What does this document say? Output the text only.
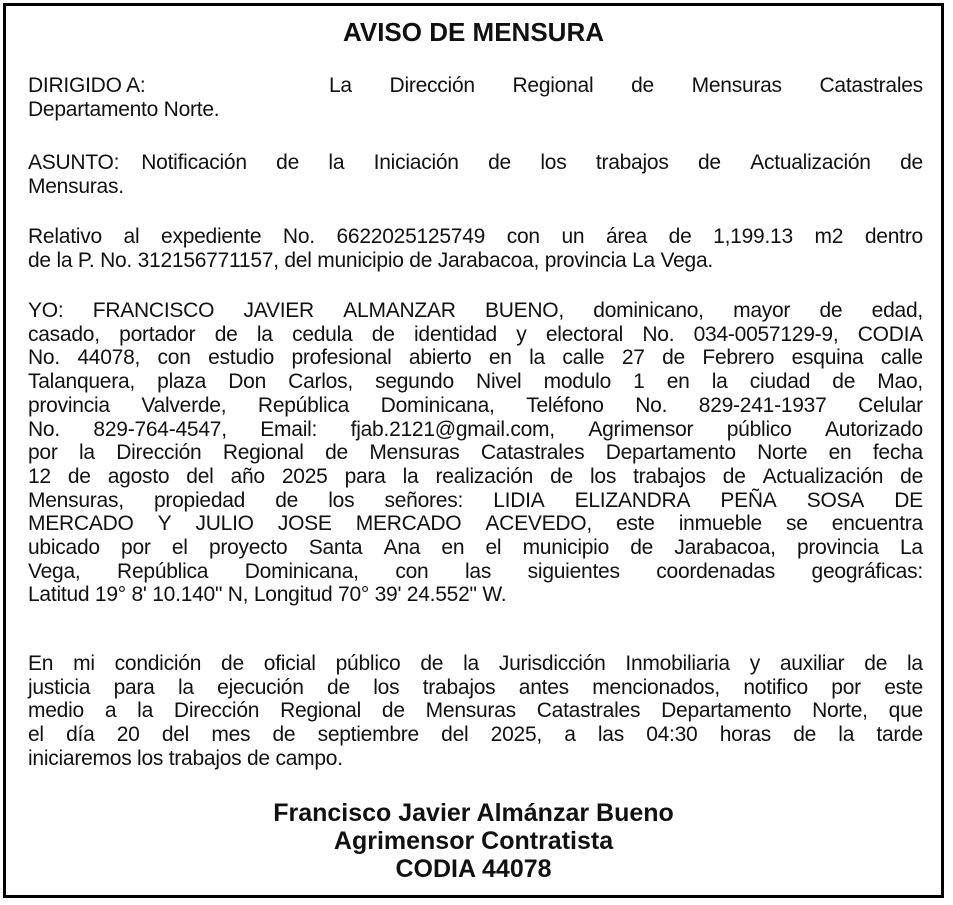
AVISO DE MENSURA
DIRIGIDO A:	La Dirección Regional de Mensuras Catastrales
Departamento Norte.
ASUNTO: Notificación de la Iniciación de los trabajos de Actualización de
Mensuras.
Relativo al expediente No. 6622025125749 con un área de 1,199.13 m2 dentro
de la P. No. 312156771157, del municipio de Jarabacoa, provincia La Vega.
YO: FRANCISCO JAVIER ALMANZAR BUENO, dominicano, mayor de edad,
casado, portador de la cedula de identidad y electoral No. 034-0057129-9, CODIA
No. 44078, con estudio profesional abierto en la calle 27 de Febrero esquina calle
Talanquera, plaza Don Carlos, segundo Nivel modulo 1 en la ciudad de Mao,
provincia Valverde, República Dominicana, Teléfono No. 829-241-1937 Celular
No. 829-764-4547, Email: fjab.2121@gmail.com, Agrimensor público Autorizado
por la Dirección Regional de Mensuras Catastrales Departamento Norte en fecha
12 de agosto del año 2025 para la realización de los trabajos de Actualización de
Mensuras, propiedad de los señores: LIDIA ELIZANDRA PEÑA SOSA DE
MERCADO Y JULIO JOSE MERCADO ACEVEDO, este inmueble se encuentra
ubicado por el proyecto Santa Ana en el municipio de Jarabacoa, provincia La
Vega, República Dominicana, con las siguientes coordenadas geográficas:
Latitud 19° 8' 10.140" N, Longitud 70° 39' 24.552" W.
En mi condición de oficial público de la Jurisdicción Inmobiliaria y auxiliar de la
justicia para la ejecución de los trabajos antes mencionados, notifico por este
medio a la Dirección Regional de Mensuras Catastrales Departamento Norte, que
el día 20 del mes de septiembre del 2025, a las 04:30 horas de la tarde
iniciaremos los trabajos de campo.
Francisco Javier Almánzar Bueno
Agrimensor Contratista
CODIA 44078
